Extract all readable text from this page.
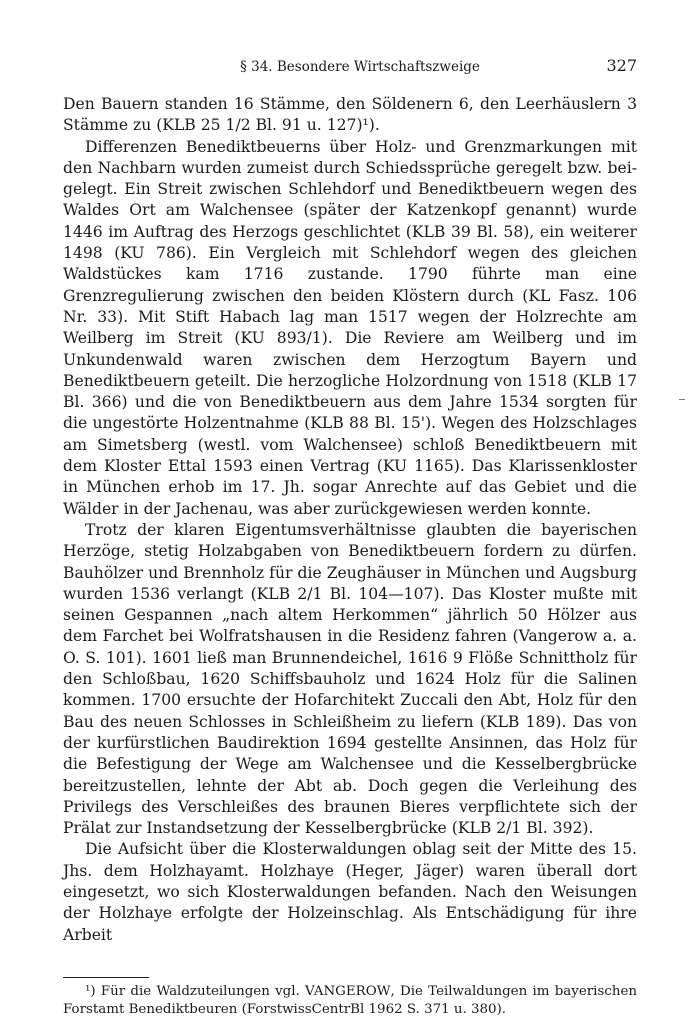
§ 34. Besondere Wirtschaftszweige	327

Den Bauern standen 16 Stämme, den Söldenern 6, den Leerhäuslern 3 Stämme zu (KLB 25 1/2 Bl. 91 u. 127)¹).

Differenzen Benediktbeuerns über Holz- und Grenzmarkungen mit den Nachbarn wurden zumeist durch Schiedssprüche geregelt bzw. beigelegt. Ein Streit zwischen Schlehdorf und Benediktbeuern wegen des Waldes Ort am Walchensee (später der Katzenkopf genannt) wurde 1446 im Auftrag des Herzogs geschlichtet (KLB 39 Bl. 58), ein weiterer 1498 (KU 786). Ein Vergleich mit Schlehdorf wegen des gleichen Waldstückes kam 1716 zustande. 1790 führte man eine Grenzregulierung zwischen den beiden Klöstern durch (KL Fasz. 106 Nr. 33). Mit Stift Habach lag man 1517 wegen der Holzrechte am Weilberg im Streit (KU 893/1). Die Reviere am Weilberg und im Unkundenwald waren zwischen dem Herzogtum Bayern und Benediktbeuern geteilt. Die herzogliche Holzordnung von 1518 (KLB 17 Bl. 366) und die von Benediktbeuern aus dem Jahre 1534 sorgten für die ungestörte Holzentnahme (KLB 88 Bl. 15'). Wegen des Holzschlages am Simetsberg (westl. vom Walchensee) schloß Benediktbeuern mit dem Kloster Ettal 1593 einen Vertrag (KU 1165). Das Klarissenkloster in München erhob im 17. Jh. sogar Anrechte auf das Gebiet und die Wälder in der Jachenau, was aber zurückgewiesen werden konnte.

Trotz der klaren Eigentumsverhältnisse glaubten die bayerischen Herzöge, stetig Holzabgaben von Benediktbeuern fordern zu dürfen. Bauhölzer und Brennholz für die Zeughäuser in München und Augsburg wurden 1536 verlangt (KLB 2/1 Bl. 104—107). Das Kloster mußte mit seinen Gespannen „nach altem Herkommen“ jährlich 50 Hölzer aus dem Farchet bei Wolfratshausen in die Residenz fahren (Vangerow a. a. O. S. 101). 1601 ließ man Brunnendeichel, 1616 9 Flöße Schnittholz für den Schloßbau, 1620 Schiffsbauholz und 1624 Holz für die Salinen kommen. 1700 ersuchte der Hofarchitekt Zuccali den Abt, Holz für den Bau des neuen Schlosses in Schleißheim zu liefern (KLB 189). Das von der kurfürstlichen Baudirektion 1694 gestellte Ansinnen, das Holz für die Befestigung der Wege am Walchensee und die Kesselbergbrücke bereitzustellen, lehnte der Abt ab. Doch gegen die Verleihung des Privilegs des Verschleißes des braunen Bieres verpflichtete sich der Prälat zur Instandsetzung der Kesselbergbrücke (KLB 2/1 Bl. 392).

Die Aufsicht über die Klosterwaldungen oblag seit der Mitte des 15. Jhs. dem Holzhayamt. Holzhaye (Heger, Jäger) waren überall dort eingesetzt, wo sich Klosterwaldungen befanden. Nach den Weisungen der Holzhaye erfolgte der Holzeinschlag. Als Entschädigung für ihre Arbeit

¹) Für die Waldzuteilungen vgl. VANGEROW, Die Teilwaldungen im bayerischen Forstamt Benediktbeuren (ForstwissCentrBl 1962 S. 371 u. 380).
